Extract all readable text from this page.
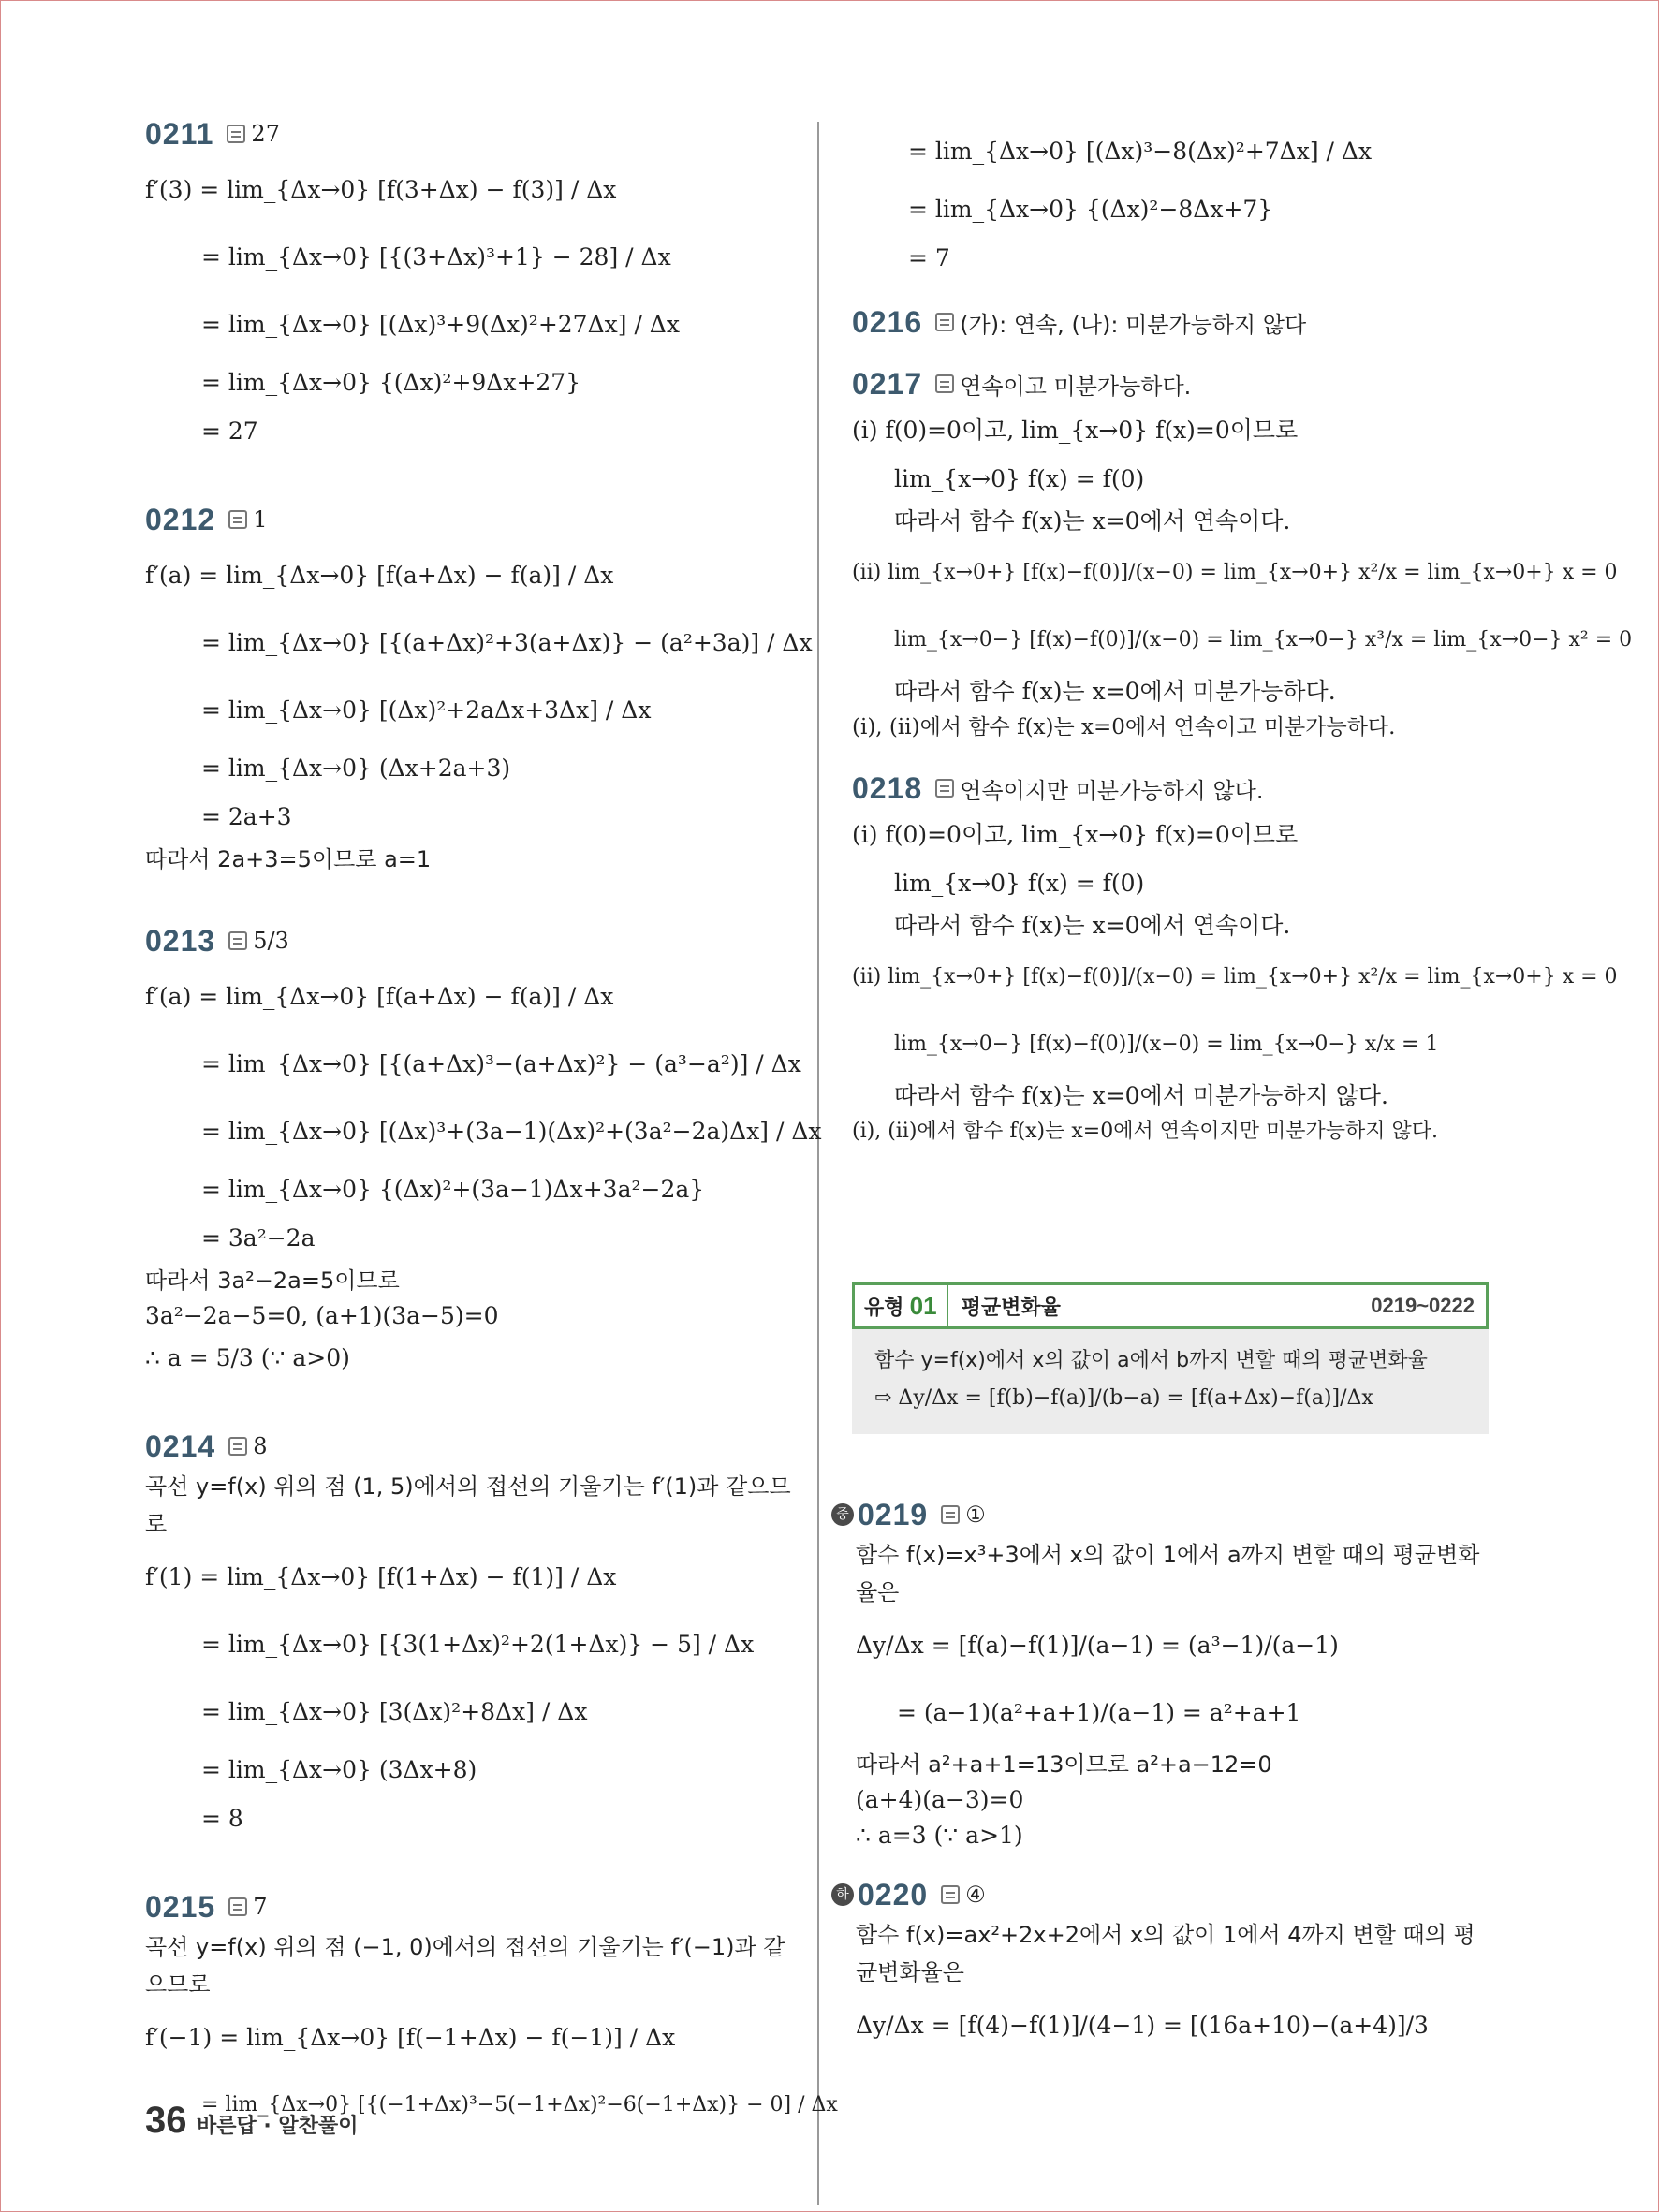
0211 27
f′(3) = lim_{Δx→0} [f(3+Δx) − f(3)] / Δx
= lim_{Δx→0} [{(3+Δx)³+1} − 28] / Δx
= lim_{Δx→0} [(Δx)³+9(Δx)²+27Δx] / Δx
= lim_{Δx→0} {(Δx)²+9Δx+27}
= 27
0212 1
f′(a) = lim_{Δx→0} [f(a+Δx) − f(a)] / Δx
= lim_{Δx→0} [{(a+Δx)²+3(a+Δx)} − (a²+3a)] / Δx
= lim_{Δx→0} [(Δx)²+2aΔx+3Δx] / Δx
= lim_{Δx→0} (Δx+2a+3)
= 2a+3
따라서 2a+3=5이므로 a=1
0213 5/3
f′(a) = lim_{Δx→0} [f(a+Δx) − f(a)] / Δx
= lim_{Δx→0} [{(a+Δx)³−(a+Δx)²} − (a³−a²)] / Δx
= lim_{Δx→0} [(Δx)³+(3a−1)(Δx)²+(3a²−2a)Δx] / Δx
= lim_{Δx→0} {(Δx)²+(3a−1)Δx+3a²−2a}
= 3a²−2a
따라서 3a²−2a=5이므로
3a²−2a−5=0, (a+1)(3a−5)=0
∴ a = 5/3 (∵ a>0)
0214 8
곡선 y=f(x) 위의 점 (1, 5)에서의 접선의 기울기는 f′(1)과 같으므로
f′(1) = lim_{Δx→0} [f(1+Δx) − f(1)] / Δx
= lim_{Δx→0} [{3(1+Δx)²+2(1+Δx)} − 5] / Δx
= lim_{Δx→0} [3(Δx)²+8Δx] / Δx
= lim_{Δx→0} (3Δx+8)
= 8
0215 7
곡선 y=f(x) 위의 점 (−1, 0)에서의 접선의 기울기는 f′(−1)과 같으므로
f′(−1) = lim_{Δx→0} [f(−1+Δx) − f(−1)] / Δx
= lim_{Δx→0} [{(−1+Δx)³−5(−1+Δx)²−6(−1+Δx)} − 0] / Δx
= lim_{Δx→0} [(Δx)³−8(Δx)²+7Δx] / Δx
= lim_{Δx→0} {(Δx)²−8Δx+7}
= 7
0216 (가): 연속, (나): 미분가능하지 않다
0217 연속이고 미분가능하다.
(ⅰ) f(0)=0이고, lim_{x→0} f(x)=0이므로
lim_{x→0} f(x) = f(0)
따라서 함수 f(x)는 x=0에서 연속이다.
(ⅱ) lim_{x→0+} [f(x)−f(0)]/(x−0) = lim_{x→0+} x²/x = lim_{x→0+} x = 0
lim_{x→0−} [f(x)−f(0)]/(x−0) = lim_{x→0−} x³/x = lim_{x→0−} x² = 0
따라서 함수 f(x)는 x=0에서 미분가능하다.
(ⅰ), (ⅱ)에서 함수 f(x)는 x=0에서 연속이고 미분가능하다.
0218 연속이지만 미분가능하지 않다.
(ⅰ) f(0)=0이고, lim_{x→0} f(x)=0이므로
lim_{x→0} f(x) = f(0)
따라서 함수 f(x)는 x=0에서 연속이다.
(ⅱ) lim_{x→0+} [f(x)−f(0)]/(x−0) = lim_{x→0+} x²/x = lim_{x→0+} x = 0
lim_{x→0−} [f(x)−f(0)]/(x−0) = lim_{x→0−} x/x = 1
따라서 함수 f(x)는 x=0에서 미분가능하지 않다.
(ⅰ), (ⅱ)에서 함수 f(x)는 x=0에서 연속이지만 미분가능하지 않다.
유형 01	평균변화율	0219~0222
함수 y=f(x)에서 x의 값이 a에서 b까지 변할 때의 평균변화율
⇨ Δy/Δx = [f(b)−f(a)]/(b−a) = [f(a+Δx)−f(a)]/Δx
중 0219 ①
함수 f(x)=x³+3에서 x의 값이 1에서 a까지 변할 때의 평균변화율은
Δy/Δx = [f(a)−f(1)]/(a−1) = (a³−1)/(a−1)
= (a−1)(a²+a+1)/(a−1) = a²+a+1
따라서 a²+a+1=13이므로 a²+a−12=0
(a+4)(a−3)=0
∴ a=3 (∵ a>1)
하 0220 ④
함수 f(x)=ax²+2x+2에서 x의 값이 1에서 4까지 변할 때의 평균변화율은
Δy/Δx = [f(4)−f(1)]/(4−1) = [(16a+10)−(a+4)]/3
36 바른답 · 알찬풀이
